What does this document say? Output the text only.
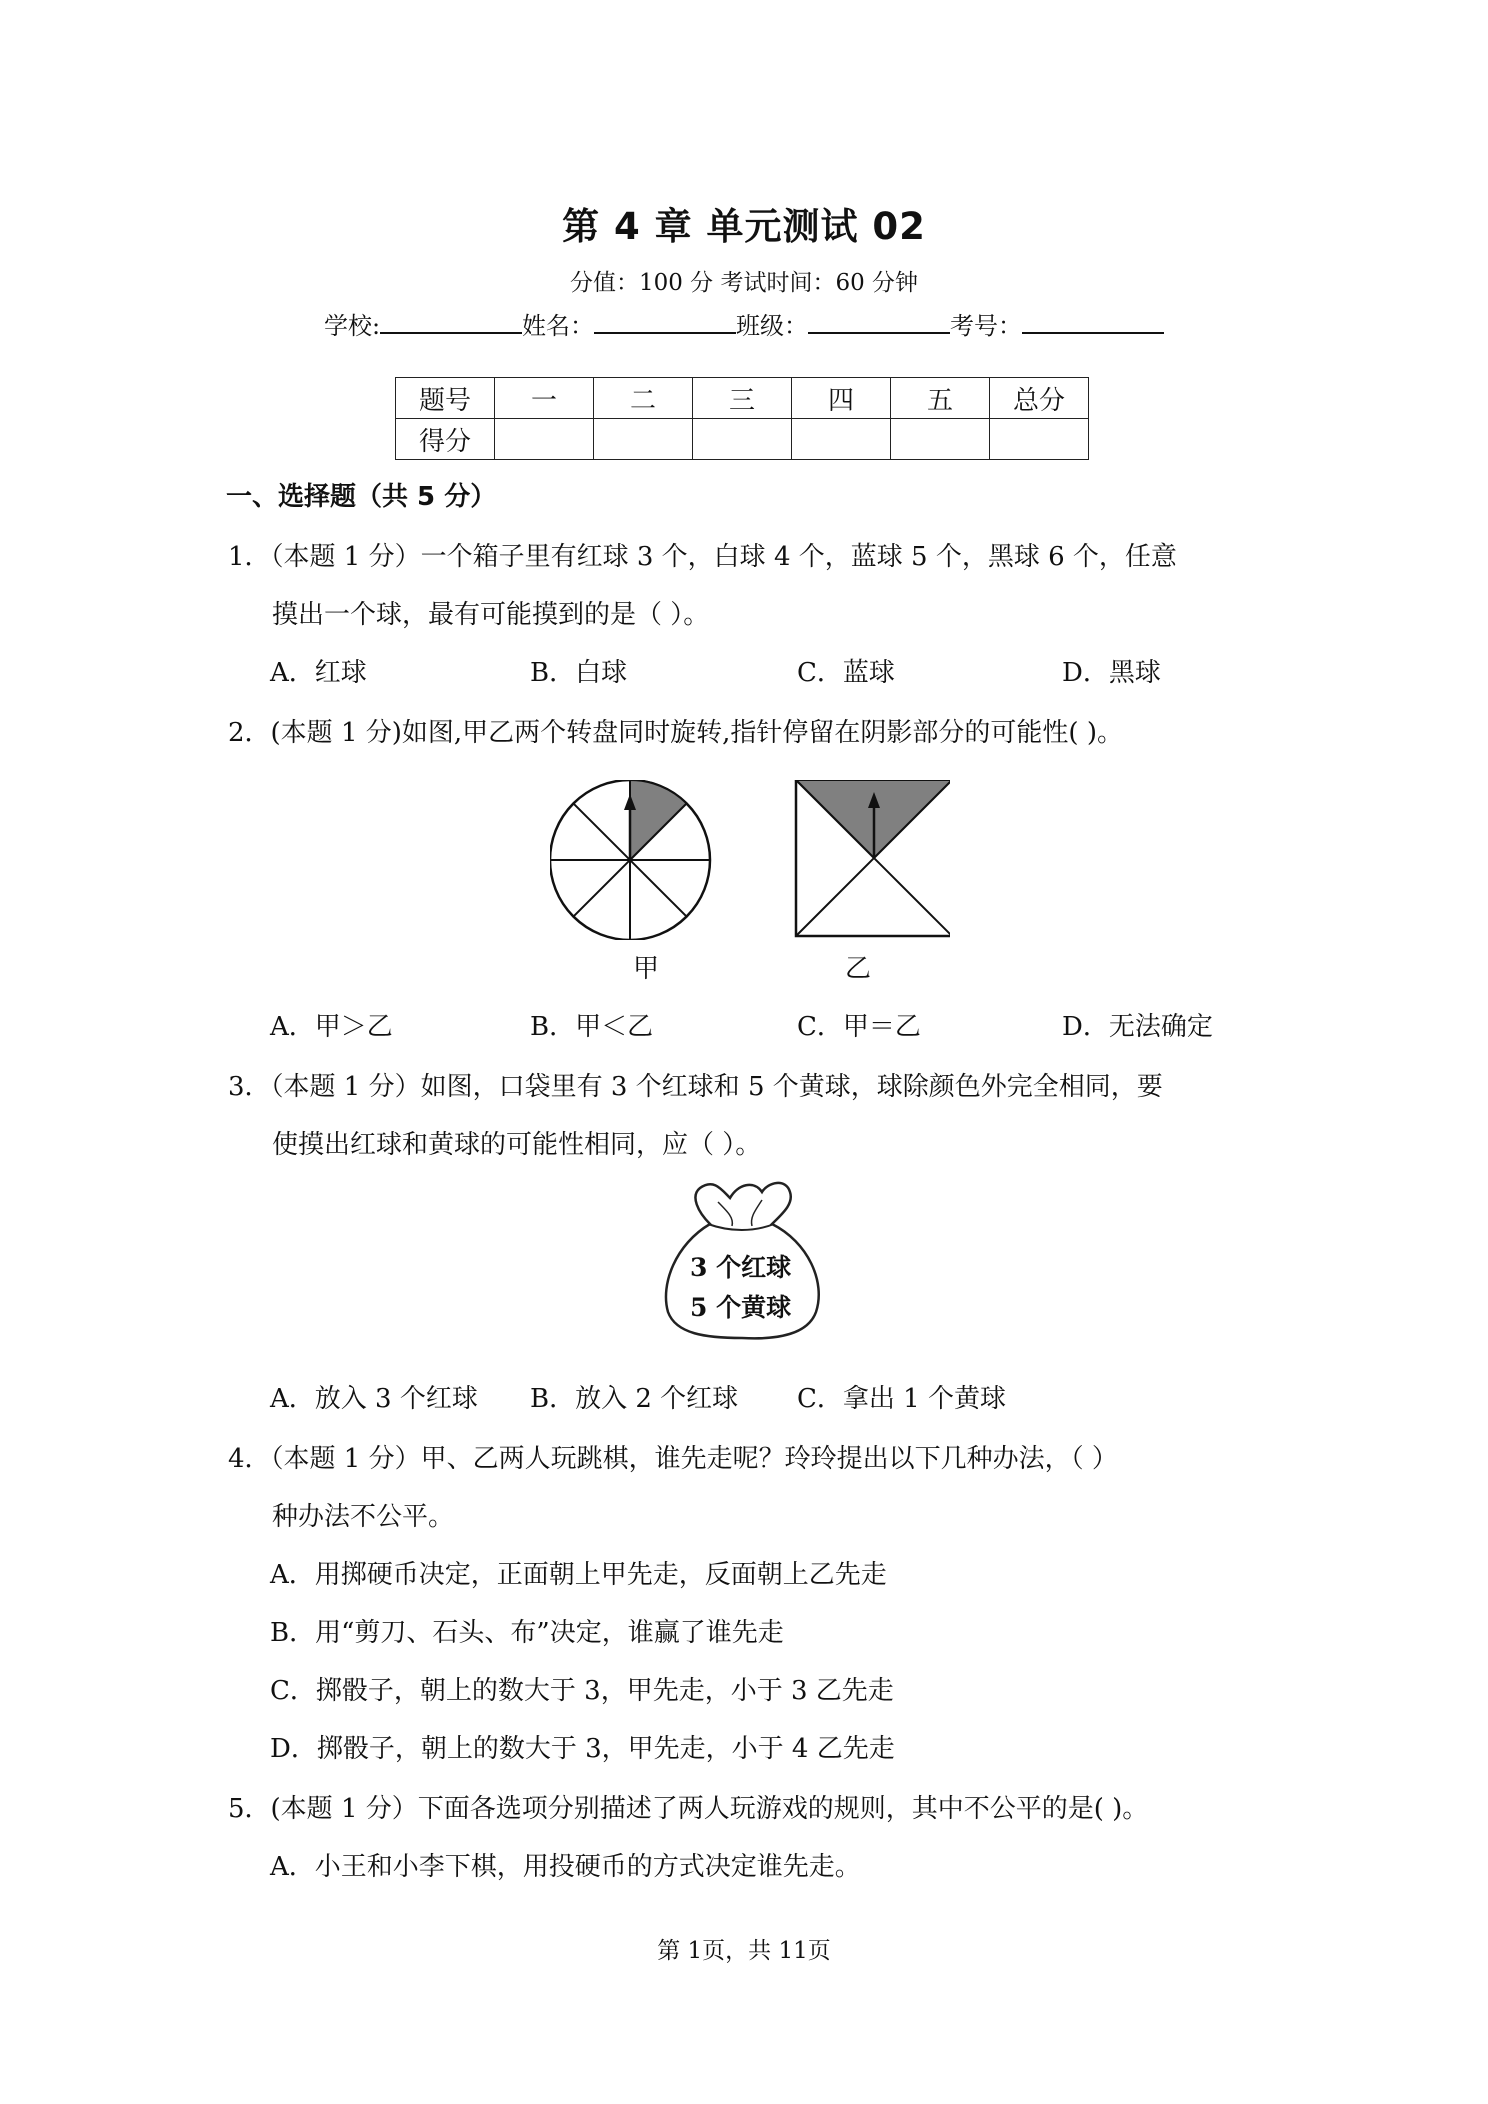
第 4 章 单元测试 02
分值：100 分 考试时间：60 分钟
学校:	姓名：	班级：	考号：
题号	一	二	三	四	五	总分
得分						
一、选择题（共 5 分）
1．（本题 1 分）一个箱子里有红球 3 个，白球 4 个，蓝球 5 个，黑球 6 个，任意
摸出一个球，最有可能摸到的是（ ）。
A．红球	B．白球	C．蓝球	D．黑球
2．(本题 1 分)如图,甲乙两个转盘同时旋转,指针停留在阴影部分的可能性( )。
甲	乙
A．甲＞乙	B．甲＜乙	C．甲＝乙	D．无法确定
3．（本题 1 分）如图，口袋里有 3 个红球和 5 个黄球，球除颜色外完全相同，要
使摸出红球和黄球的可能性相同，应（ ）。
3 个红球
5 个黄球
A．放入 3 个红球 B．放入 2 个红球 C．拿出 1 个黄球
4．（本题 1 分）甲、乙两人玩跳棋，谁先走呢？玲玲提出以下几种办法，（ ）
种办法不公平。
A．用掷硬币决定，正面朝上甲先走，反面朝上乙先走
B．用“剪刀、石头、布”决定，谁赢了谁先走
C．掷骰子，朝上的数大于 3，甲先走，小于 3 乙先走
D．掷骰子，朝上的数大于 3，甲先走，小于 4 乙先走
5．(本题 1 分）下面各选项分别描述了两人玩游戏的规则，其中不公平的是( )。
A．小王和小李下棋，用投硬币的方式决定谁先走。
第 1页，共 11页
